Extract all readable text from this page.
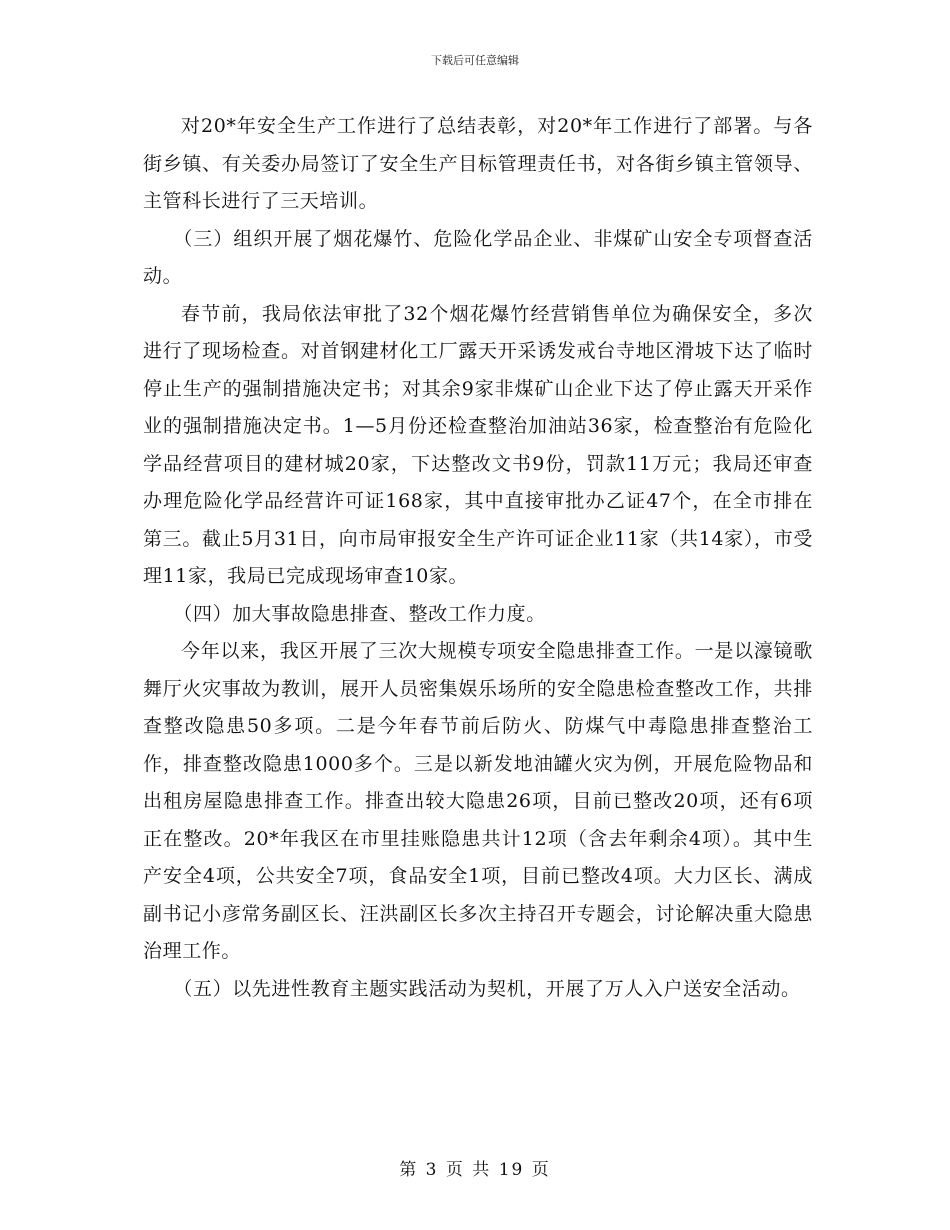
下载后可任意编辑

对20*年安全生产工作进行了总结表彰，对20*年工作进行了部署。与各街乡镇、有关委办局签订了安全生产目标管理责任书，对各街乡镇主管领导、主管科长进行了三天培训。

（三）组织开展了烟花爆竹、危险化学品企业、非煤矿山安全专项督查活动。

春节前，我局依法审批了32个烟花爆竹经营销售单位为确保安全，多次进行了现场检查。对首钢建材化工厂露天开采诱发戒台寺地区滑坡下达了临时停止生产的强制措施决定书；对其余9家非煤矿山企业下达了停止露天开采作业的强制措施决定书。1—5月份还检查整治加油站36家，检查整治有危险化学品经营项目的建材城20家，下达整改文书9份，罚款11万元；我局还审查办理危险化学品经营许可证168家，其中直接审批办乙证47个，在全市排在第三。截止5月31日，向市局审报安全生产许可证企业11家（共14家），市受理11家，我局已完成现场审查10家。

（四）加大事故隐患排查、整改工作力度。

今年以来，我区开展了三次大规模专项安全隐患排查工作。一是以濠镜歌舞厅火灾事故为教训，展开人员密集娱乐场所的安全隐患检查整改工作，共排查整改隐患50多项。二是今年春节前后防火、防煤气中毒隐患排查整治工作，排查整改隐患1000多个。三是以新发地油罐火灾为例，开展危险物品和出租房屋隐患排查工作。排查出较大隐患26项，目前已整改20项，还有6项正在整改。20*年我区在市里挂账隐患共计12项（含去年剩余4项）。其中生产安全4项，公共安全7项，食品安全1项，目前已整改4项。大力区长、满成副书记小彦常务副区长、汪洪副区长多次主持召开专题会，讨论解决重大隐患治理工作。

（五）以先进性教育主题实践活动为契机，开展了万人入户送安全活动。

第 3 页 共 19 页
